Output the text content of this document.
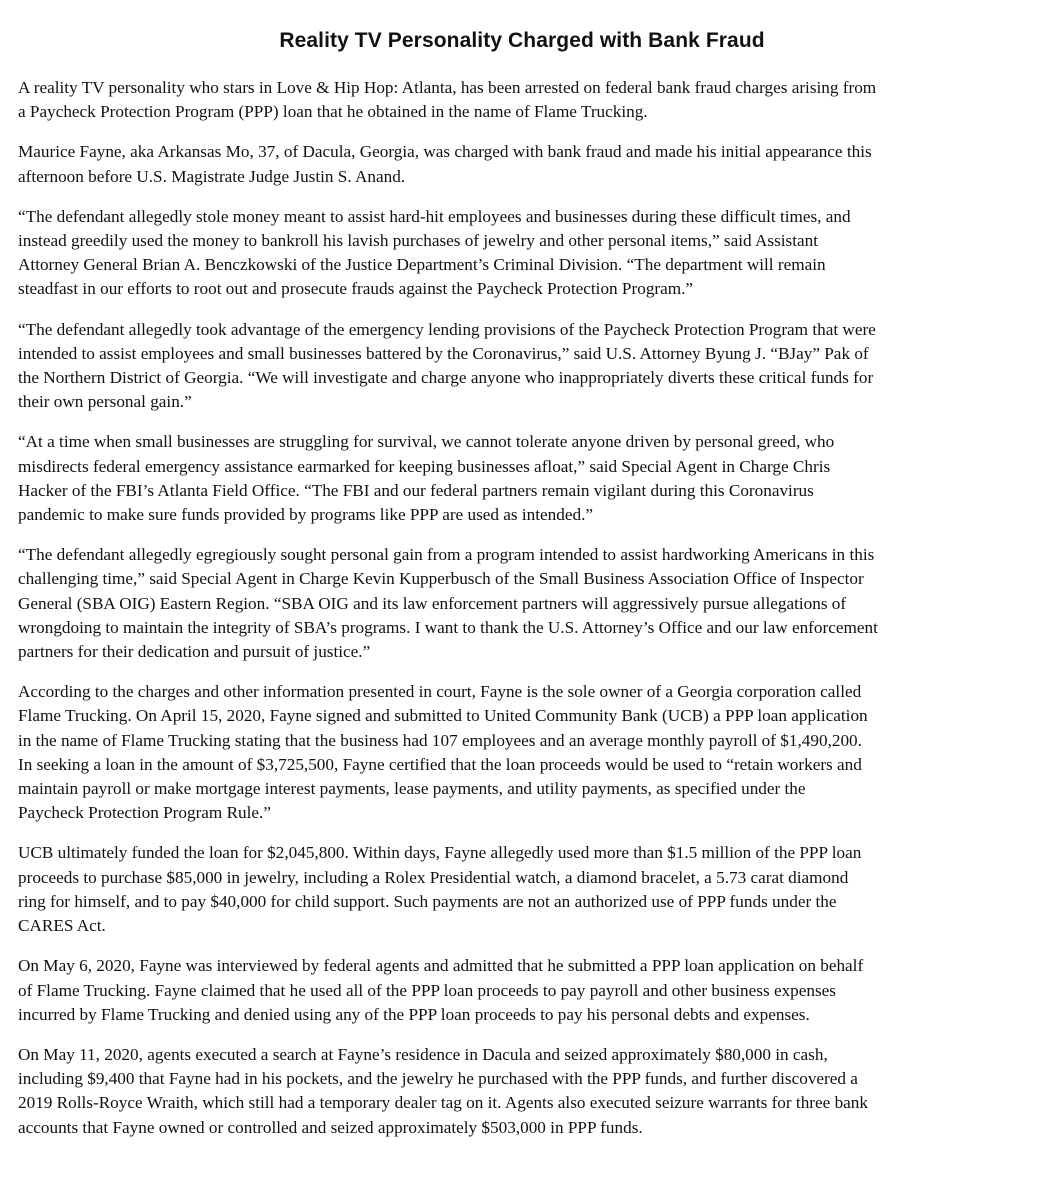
Reality TV Personality Charged with Bank Fraud

A reality TV personality who stars in Love & Hip Hop: Atlanta, has been arrested on federal bank fraud charges arising from
a Paycheck Protection Program (PPP) loan that he obtained in the name of Flame Trucking.

Maurice Fayne, aka Arkansas Mo, 37, of Dacula, Georgia, was charged with bank fraud and made his initial appearance this
afternoon before U.S. Magistrate Judge Justin S. Anand.

“The defendant allegedly stole money meant to assist hard-hit employees and businesses during these difficult times, and
instead greedily used the money to bankroll his lavish purchases of jewelry and other personal items,” said Assistant
Attorney General Brian A. Benczkowski of the Justice Department’s Criminal Division. “The department will remain
steadfast in our efforts to root out and prosecute frauds against the Paycheck Protection Program.”

“The defendant allegedly took advantage of the emergency lending provisions of the Paycheck Protection Program that were
intended to assist employees and small businesses battered by the Coronavirus,” said U.S. Attorney Byung J. “BJay” Pak of
the Northern District of Georgia. “We will investigate and charge anyone who inappropriately diverts these critical funds for
their own personal gain.”

“At a time when small businesses are struggling for survival, we cannot tolerate anyone driven by personal greed, who
misdirects federal emergency assistance earmarked for keeping businesses afloat,” said Special Agent in Charge Chris
Hacker of the FBI’s Atlanta Field Office. “The FBI and our federal partners remain vigilant during this Coronavirus
pandemic to make sure funds provided by programs like PPP are used as intended.”

“The defendant allegedly egregiously sought personal gain from a program intended to assist hardworking Americans in this
challenging time,” said Special Agent in Charge Kevin Kupperbusch of the Small Business Association Office of Inspector
General (SBA OIG) Eastern Region. “SBA OIG and its law enforcement partners will aggressively pursue allegations of
wrongdoing to maintain the integrity of SBA’s programs. I want to thank the U.S. Attorney’s Office and our law enforcement
partners for their dedication and pursuit of justice.”

According to the charges and other information presented in court, Fayne is the sole owner of a Georgia corporation called
Flame Trucking. On April 15, 2020, Fayne signed and submitted to United Community Bank (UCB) a PPP loan application
in the name of Flame Trucking stating that the business had 107 employees and an average monthly payroll of $1,490,200.
In seeking a loan in the amount of $3,725,500, Fayne certified that the loan proceeds would be used to “retain workers and
maintain payroll or make mortgage interest payments, lease payments, and utility payments, as specified under the
Paycheck Protection Program Rule.”

UCB ultimately funded the loan for $2,045,800. Within days, Fayne allegedly used more than $1.5 million of the PPP loan
proceeds to purchase $85,000 in jewelry, including a Rolex Presidential watch, a diamond bracelet, a 5.73 carat diamond
ring for himself, and to pay $40,000 for child support. Such payments are not an authorized use of PPP funds under the
CARES Act.

On May 6, 2020, Fayne was interviewed by federal agents and admitted that he submitted a PPP loan application on behalf
of Flame Trucking. Fayne claimed that he used all of the PPP loan proceeds to pay payroll and other business expenses
incurred by Flame Trucking and denied using any of the PPP loan proceeds to pay his personal debts and expenses.

On May 11, 2020, agents executed a search at Fayne’s residence in Dacula and seized approximately $80,000 in cash,
including $9,400 that Fayne had in his pockets, and the jewelry he purchased with the PPP funds, and further discovered a
2019 Rolls-Royce Wraith, which still had a temporary dealer tag on it. Agents also executed seizure warrants for three bank
accounts that Fayne owned or controlled and seized approximately $503,000 in PPP funds.
